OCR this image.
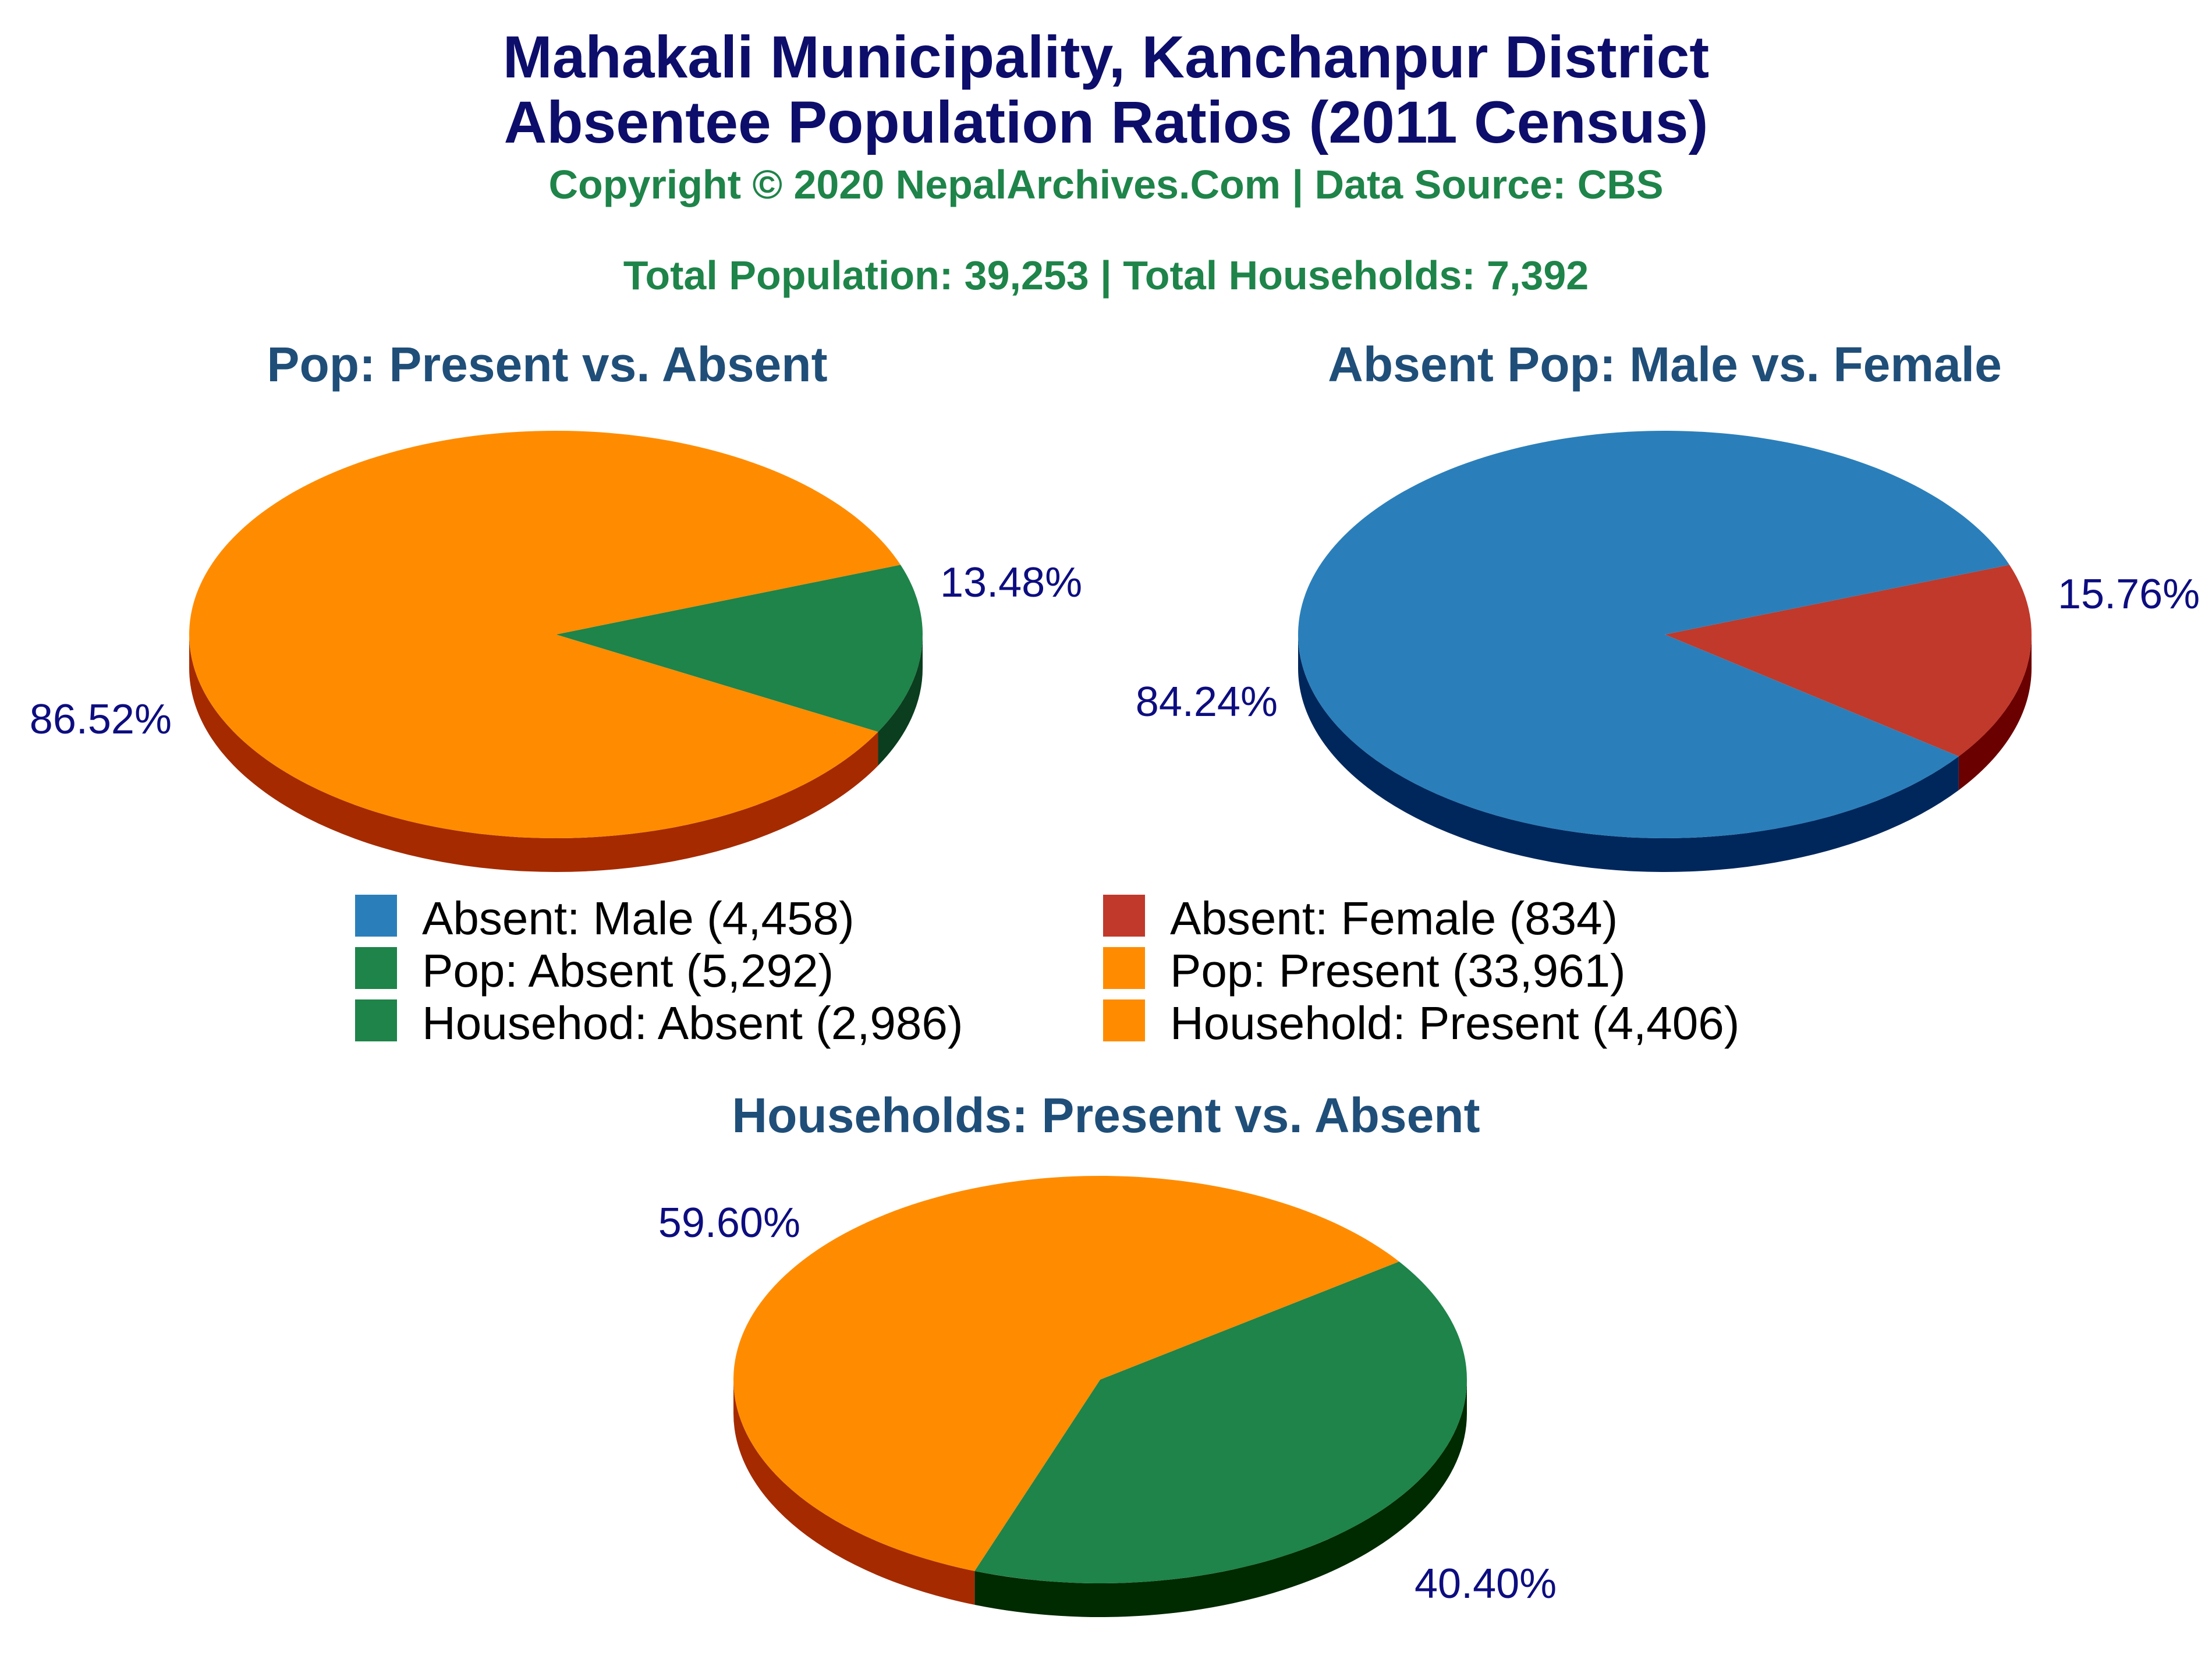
Mahakali Municipality, Kanchanpur District
Absentee Population Ratios (2011 Census)
Copyright © 2020 NepalArchives.Com | Data Source: CBS
Total Population: 39,253 | Total Households: 7,392
Pop: Present vs. Absent
13.48%
86.52%
Absent Pop: Male vs. Female
15.76%
84.24%
Households: Present vs. Absent
40.40%
59.60%
Absent: Male (4,458)	Absent: Female (834)
Pop: Absent (5,292)	Pop: Present (33,961)
Househod: Absent (2,986)	Household: Present (4,406)
